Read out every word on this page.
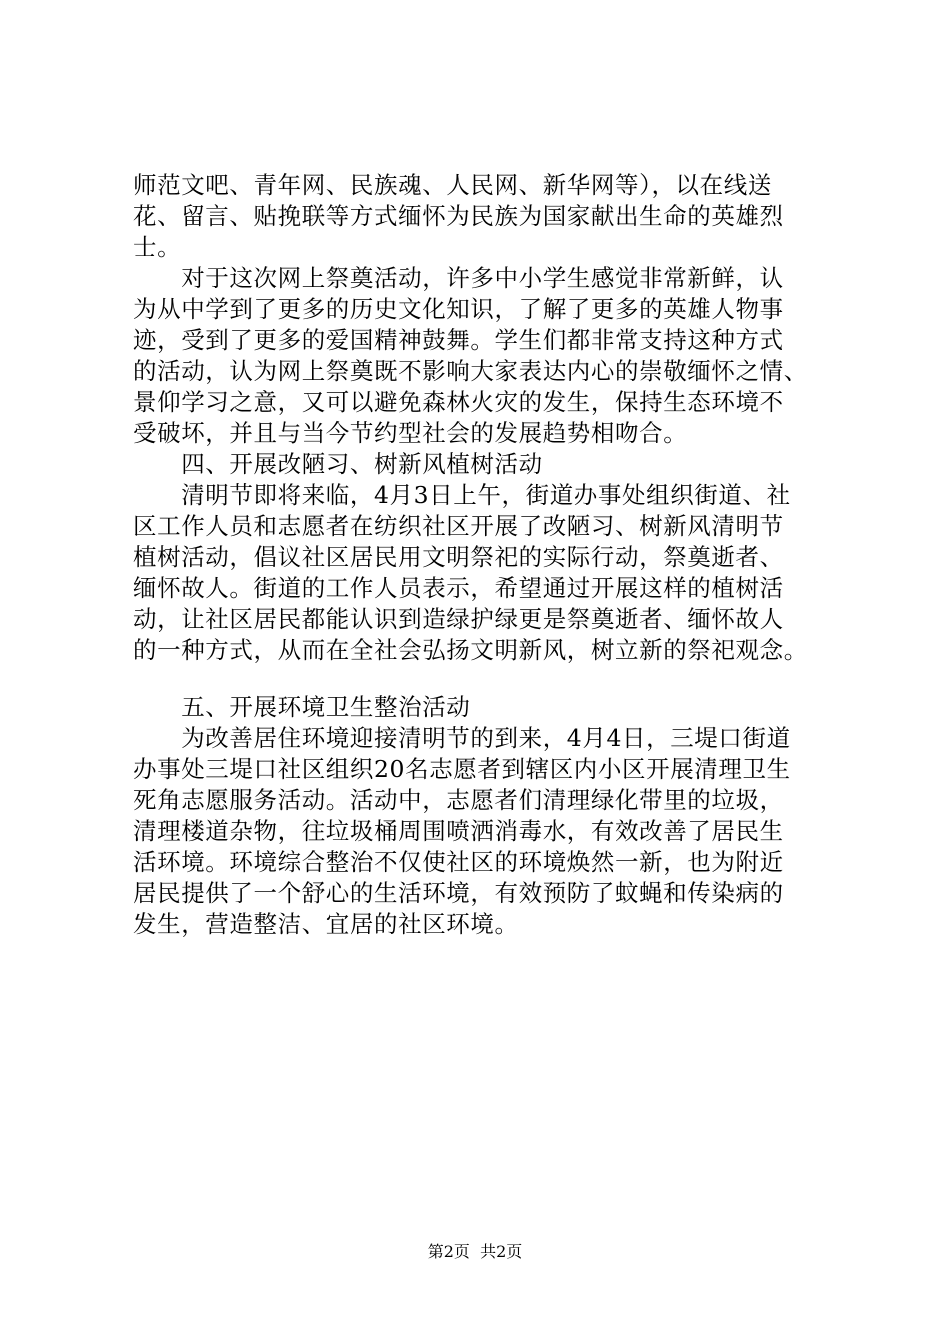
师范文吧、青年网、民族魂、人民网、新华网等），以在线送
花、留言、贴挽联等方式缅怀为民族为国家献出生命的英雄烈
士。
　　对于这次网上祭奠活动，许多中小学生感觉非常新鲜，认
为从中学到了更多的历史文化知识，了解了更多的英雄人物事
迹，受到了更多的爱国精神鼓舞。学生们都非常支持这种方式
的活动，认为网上祭奠既不影响大家表达内心的崇敬缅怀之情、
景仰学习之意，又可以避免森林火灾的发生，保持生态环境不
受破坏，并且与当今节约型社会的发展趋势相吻合。
　　四、开展改陋习、树新风植树活动
　　清明节即将来临，4月3日上午，街道办事处组织街道、社
区工作人员和志愿者在纺织社区开展了改陋习、树新风清明节
植树活动，倡议社区居民用文明祭祀的实际行动，祭奠逝者、
缅怀故人。街道的工作人员表示，希望通过开展这样的植树活
动，让社区居民都能认识到造绿护绿更是祭奠逝者、缅怀故人
的一种方式，从而在全社会弘扬文明新风，树立新的祭祀观念。
　　五、开展环境卫生整治活动
　　为改善居住环境迎接清明节的到来，4月4日，三堤口街道
办事处三堤口社区组织20名志愿者到辖区内小区开展清理卫生
死角志愿服务活动。活动中，志愿者们清理绿化带里的垃圾，
清理楼道杂物，往垃圾桶周围喷洒消毒水，有效改善了居民生
活环境。环境综合整治不仅使社区的环境焕然一新，也为附近
居民提供了一个舒心的生活环境，有效预防了蚊蝇和传染病的
发生，营造整洁、宜居的社区环境。
第2页  共2页
